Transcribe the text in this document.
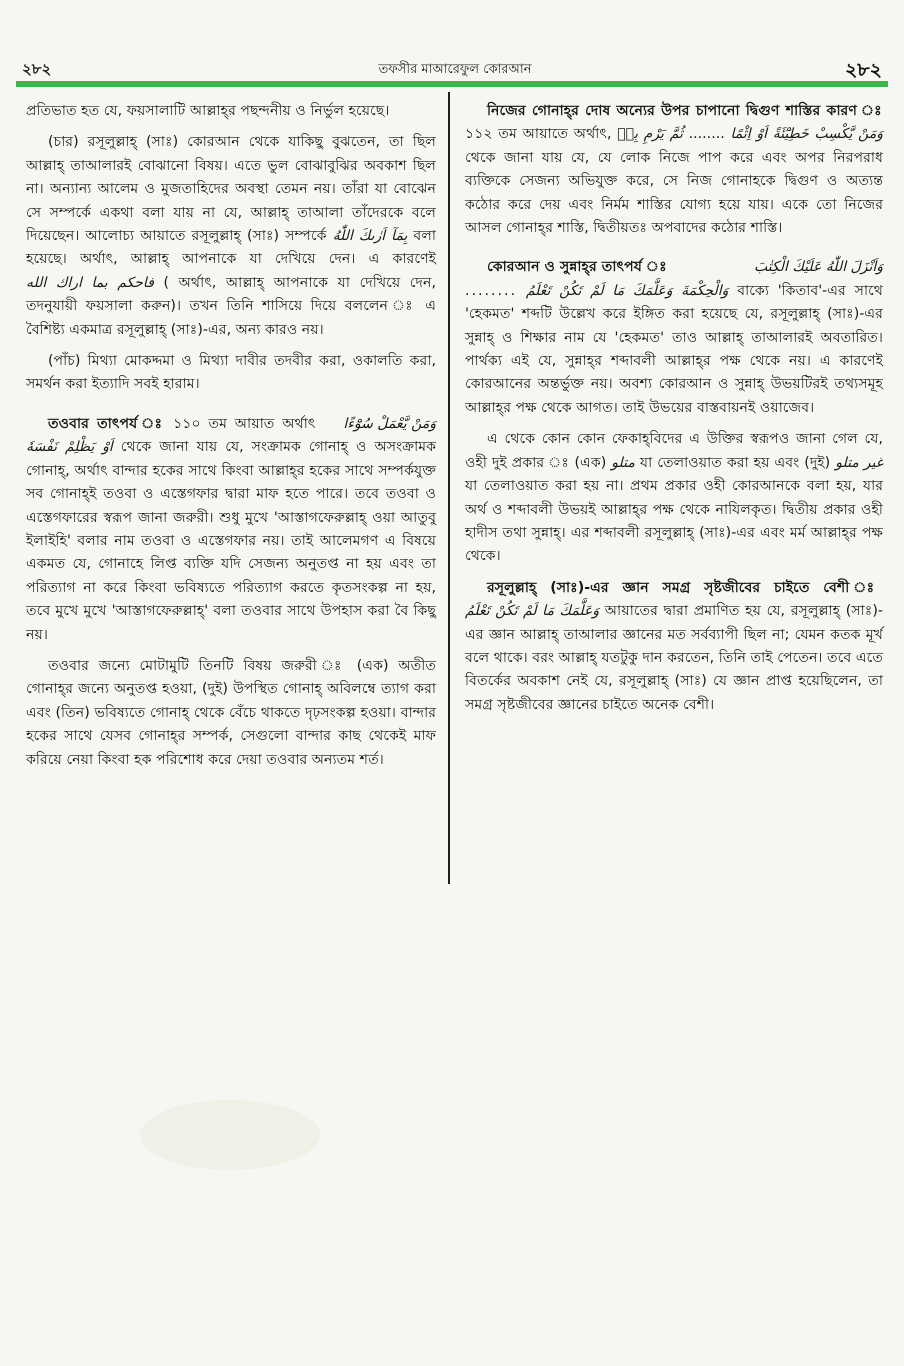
২৮২	তফসীর মাআরেফুল কোরআন	২৮২

প্রতিভাত হত যে, ফয়সালাটি আল্লাহ্‌র পছন্দনীয় ও নির্ভুল হয়েছে।

(চার) রসূলুল্লাহ্ (সাঃ) কোরআন থেকে যাকিছু বুঝতেন, তা ছিল আল্লাহ্ তাআলারই বোঝানো বিষয়। এতে ভুল বোঝাবুঝির অবকাশ ছিল না। অন্যান্য আলেম ও মুজতাহিদের অবস্থা তেমন নয়। তাঁরা যা বোঝেন সে সম্পর্কে একথা বলা যায় না যে, আল্লাহ্ তাআলা তাঁদেরকে বলে দিয়েছেন। আলোচ্য আয়াতে রসূলুল্লাহ্ (সাঃ) সম্পর্কে بِمَآ اَرٰىكَ اللّٰهُ বলা হয়েছে। অর্থাৎ, আল্লাহ্ আপনাকে যা দেখিয়ে দেন। এ কারণেই فاحكم بما اراك الله ( অর্থাৎ, আল্লাহ্ আপনাকে যা দেখিয়ে দেন, তদনুযায়ী ফয়সালা করুন)। তখন তিনি শাসিয়ে দিয়ে বললেন ঃ এ বৈশিষ্ট্য একমাত্র রসূলুল্লাহ্ (সাঃ)-এর, অন্য কারও নয়।

(পাঁচ) মিথ্যা মোকদ্দমা ও মিথ্যা দাবীর তদবীর করা, ওকালতি করা, সমর্থন করা ইত্যাদি সবই হারাম।

وَمَنْ يَّعْمَلْ سُوْٓءًا
তওবার তাৎপর্য ঃ ১১০ তম আয়াত অর্থাৎ اَوْ يَظْلِمْ نَفْسَهٗ থেকে জানা যায় যে, সংক্রামক গোনাহ্ ও অসংক্রামক গোনাহ্, অর্থাৎ বান্দার হকের সাথে কিংবা আল্লাহ্‌র হকের সাথে সম্পর্কযুক্ত সব গোনাহ্‌ই তওবা ও এস্তেগফার দ্বারা মাফ হতে পারে। তবে তওবা ও এস্তেগফারের স্বরূপ জানা জরুরী। শুধু মুখে 'আস্তাগফেরুল্লাহ্ ওয়া আতুবু ইলাইহি' বলার নাম তওবা ও এস্তেগফার নয়। তাই আলেমগণ এ বিষয়ে একমত যে, গোনাহে লিপ্ত ব্যক্তি যদি সেজন্য অনুতপ্ত না হয় এবং তা পরিত্যাগ না করে কিংবা ভবিষ্যতে পরিত্যাগ করতে কৃতসংকল্প না হয়, তবে মুখে মুখে 'আস্তাগফেরুল্লাহ্' বলা তওবার সাথে উপহাস করা বৈ কিছু নয়।

তওবার জন্যে মোটামুটি তিনটি বিষয় জরুরী ঃ (এক) অতীত গোনাহ্‌র জন্যে অনুতপ্ত হওয়া, (দুই) উপস্থিত গোনাহ্ অবিলম্বে ত্যাগ করা এবং (তিন) ভবিষ্যতে গোনাহ্ থেকে বেঁচে থাকতে দৃঢ়সংকল্প হওয়া। বান্দার হকের সাথে যেসব গোনাহ্‌র সম্পর্ক, সেগুলো বান্দার কাছ থেকেই মাফ করিয়ে নেয়া কিংবা হক পরিশোধ করে দেয়া তওবার অন্যতম শর্ত।

নিজের গোনাহ্‌র দোষ অন্যের উপর চাপানো দ্বিগুণ শাস্তির কারণ ঃ ১১২ তম আয়াতে অর্থাৎ,	وَمَنْ يَّكْسِبْ خَطِيْٓئَةً اَوْ اِثْمًا ........ ثُمَّ يَرْمِ بِهٖ থেকে জানা যায় যে, যে লোক নিজে পাপ করে এবং অপর নিরপরাধ ব্যক্তিকে সেজন্য অভিযুক্ত করে, সে নিজ গোনাহকে দ্বিগুণ ও অত্যন্ত কঠোর করে দেয় এবং নির্মম শাস্তির যোগ্য হয়ে যায়। একে তো নিজের আসল গোনাহ্‌র শাস্তি, দ্বিতীয়তঃ অপবাদের কঠোর শাস্তি।

وَاَنْزَلَ اللّٰهُ عَلَيْكَ الْكِتٰبَ
কোরআন ও সুন্নাহ্‌র তাৎপর্য ঃ
........ وَالْحِكْمَةَ وَعَلَّمَكَ مَا لَمْ تَكُنْ تَعْلَمُ বাক্যে 'কিতাব'-এর সাথে 'হেকমত' শব্দটি উল্লেখ করে ইঙ্গিত করা হয়েছে যে, রসূলুল্লাহ্ (সাঃ)-এর সুন্নাহ্ ও শিক্ষার নাম যে 'হেকমত' তাও আল্লাহ্ তাআলারই অবতারিত। পার্থক্য এই যে, সুন্নাহ্‌র শব্দাবলী আল্লাহ্‌র পক্ষ থেকে নয়। এ কারণেই কোরআনের অন্তর্ভুক্ত নয়। অবশ্য কোরআন ও সুন্নাহ্ উভয়টিরই তথ্যসমূহ আল্লাহ্‌র পক্ষ থেকে আগত। তাই উভয়ের বাস্তবায়নই ওয়াজেব।

এ থেকে কোন কোন ফেকাহ্‌বিদের এ উক্তির স্বরূপও জানা গেল যে, ওহী দুই প্রকার ঃ (এক) متلو যা তেলাওয়াত করা হয় এবং (দুই) غير متلو যা তেলাওয়াত করা হয় না। প্রথম প্রকার ওহী কোরআনকে বলা হয়, যার অর্থ ও শব্দাবলী উভয়ই আল্লাহ্‌র পক্ষ থেকে নাযিলকৃত। দ্বিতীয় প্রকার ওহী হাদীস তথা সুন্নাহ্। এর শব্দাবলী রসূলুল্লাহ্ (সাঃ)-এর এবং মর্ম আল্লাহ্‌র পক্ষ থেকে।

রসূলুল্লাহ্ (সাঃ)-এর জ্ঞান সমগ্র সৃষ্টজীবের চাইতে বেশী ঃ وَعَلَّمَكَ مَا لَمْ تَكُنْ تَعْلَمُ আয়াতের দ্বারা প্রমাণিত হয় যে, রসূলুল্লাহ্ (সাঃ)-এর জ্ঞান আল্লাহ্ তাআলার জ্ঞানের মত সর্বব্যাপী ছিল না; যেমন কতক মূর্খ বলে থাকে। বরং আল্লাহ্ যতটুকু দান করতেন, তিনি তাই পেতেন। তবে এতে বিতর্কের অবকাশ নেই যে, রসূলুল্লাহ্ (সাঃ) যে জ্ঞান প্রাপ্ত হয়েছিলেন, তা সমগ্র সৃষ্টজীবের জ্ঞানের চাইতে অনেক বেশী।
